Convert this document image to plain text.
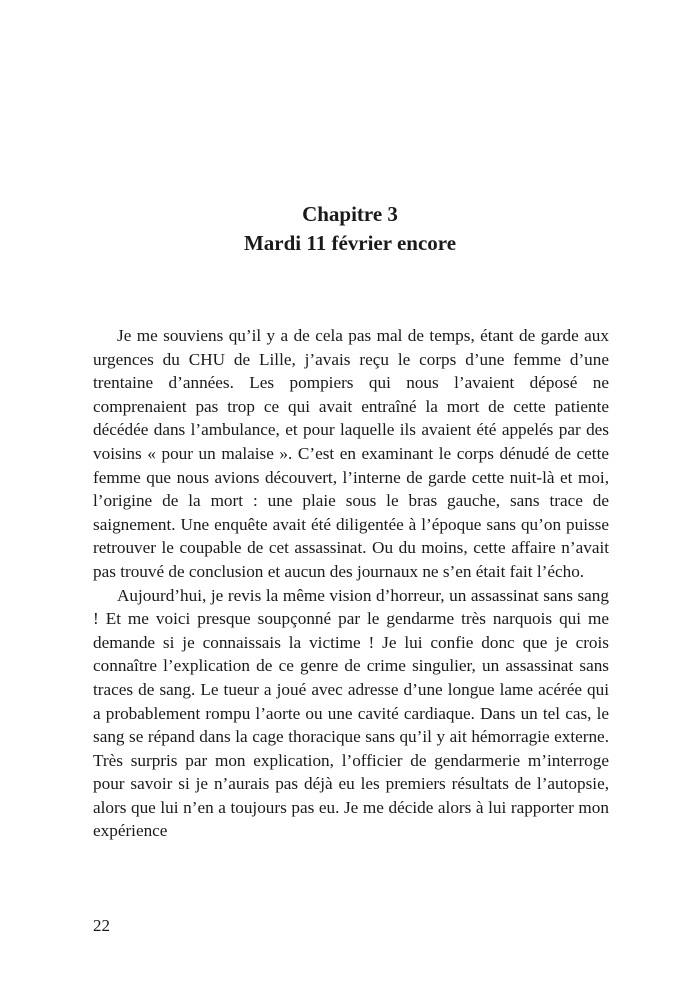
Chapitre 3
Mardi 11 février encore

Je me souviens qu’il y a de cela pas mal de temps, étant de garde aux urgences du CHU de Lille, j’avais reçu le corps d’une femme d’une trentaine d’années. Les pompiers qui nous l’avaient déposé ne comprenaient pas trop ce qui avait entraîné la mort de cette patiente décédée dans l’ambulance, et pour laquelle ils avaient été appelés par des voisins « pour un malaise ». C’est en examinant le corps dénudé de cette femme que nous avions découvert, l’interne de garde cette nuit-là et moi, l’origine de la mort : une plaie sous le bras gauche, sans trace de saignement. Une enquête avait été diligentée à l’époque sans qu’on puisse retrouver le coupable de cet assassinat. Ou du moins, cette affaire n’avait pas trouvé de conclusion et aucun des journaux ne s’en était fait l’écho.

Aujourd’hui, je revis la même vision d’horreur, un assassinat sans sang ! Et me voici presque soupçonné par le gendarme très narquois qui me demande si je connaissais la victime ! Je lui confie donc que je crois connaître l’explication de ce genre de crime singulier, un assassinat sans traces de sang. Le tueur a joué avec adresse d’une longue lame acérée qui a probablement rompu l’aorte ou une cavité cardiaque. Dans un tel cas, le sang se répand dans la cage thoracique sans qu’il y ait hémorragie externe. Très surpris par mon explication, l’officier de gendarmerie m’interroge pour savoir si je n’aurais pas déjà eu les premiers résultats de l’autopsie, alors que lui n’en a toujours pas eu. Je me décide alors à lui rapporter mon expérience

22
